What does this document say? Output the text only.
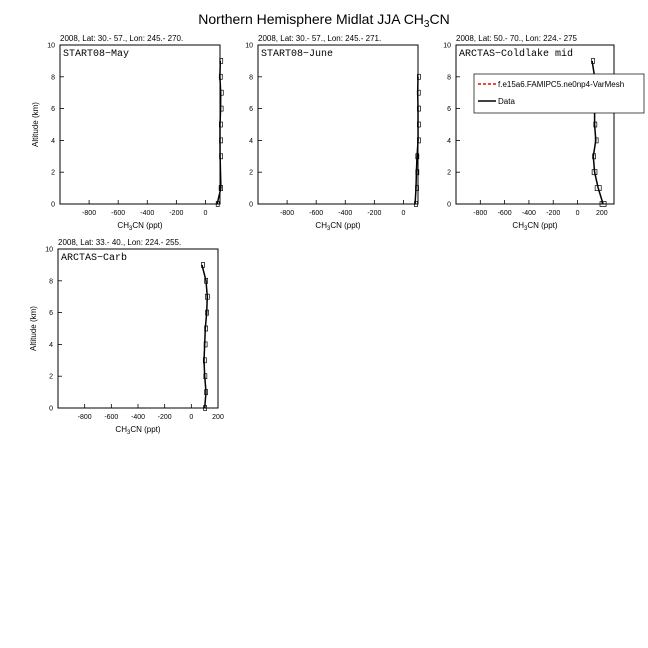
Northern Hemisphere Midlat JJA $CH_3CN$
2008, Lat: 30.- 57., Lon: 245.- 270.
START08−May
-800 -600 -400 -200	0
0
2
4
6
8
10
$CH_3CN$ (ppt)
Altitude (km)
2008, Lat: 30.- 57., Lon: 245.- 271.
START08−June
-800 -600 -400 -200	0
0
2
4
6
8
10
$CH_3CN$ (ppt)
2008, Lat: 50.- 70., Lon: 224.- 275
ARCTAS−Coldlake mid
-800 -600 -400 -200 0 200
0
2
4
6
8
10
$CH_3CN$ (ppt)
f.e15a6.FAMIPC5.ne0np4-VarMesh
Data
2008, Lat: 33.- 40., Lon: 224.- 255.
ARCTAS−Carb
-800 -600 -400 -200	0	200
0
2
4
6
8
10
$CH_3CN$ (ppt)
Altitude (km)
